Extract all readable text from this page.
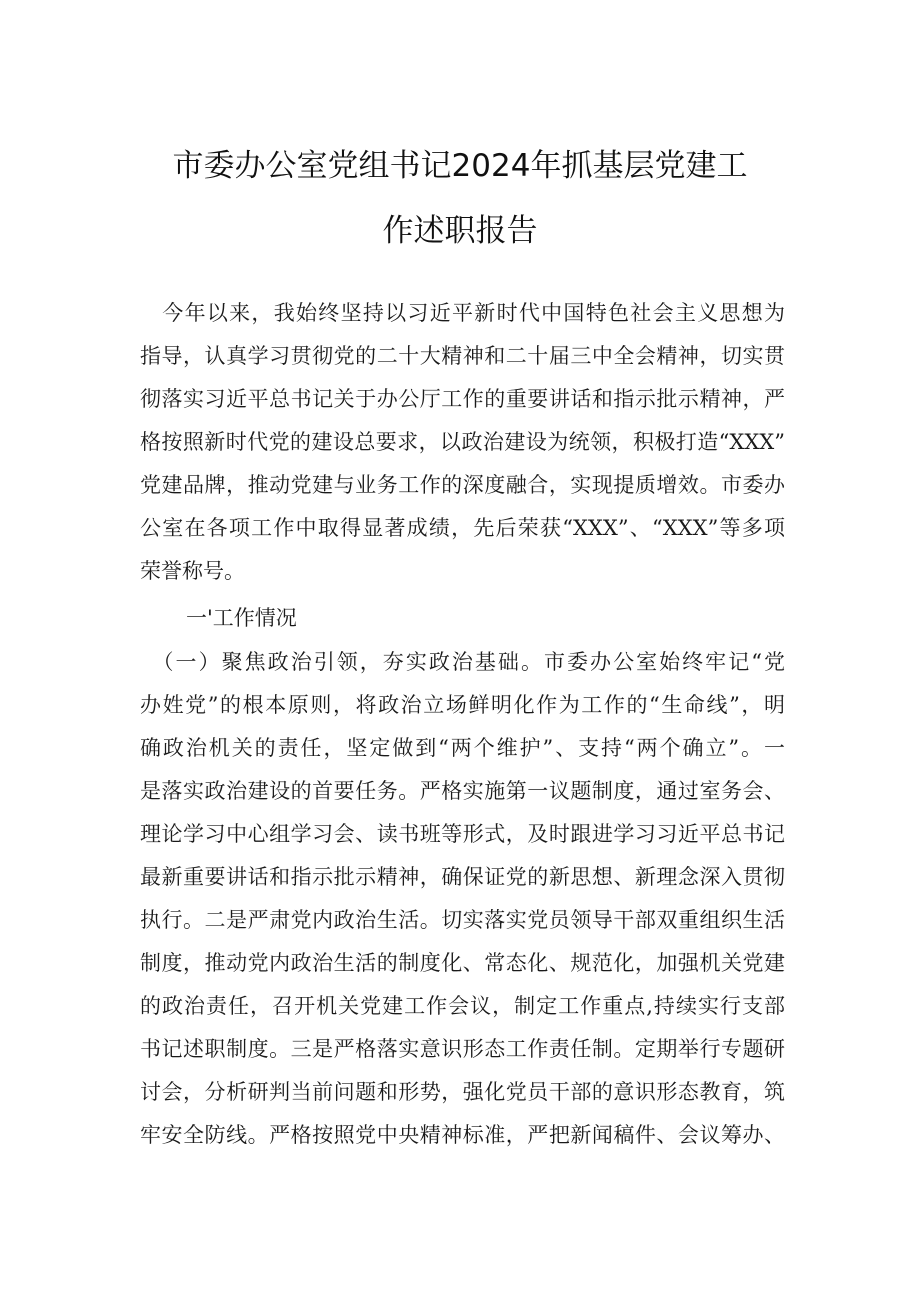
市委办公室党组书记2024年抓基层党建工
作述职报告
　今年以来，我始终坚持以习近平新时代中国特色社会主义思想为
指导，认真学习贯彻党的二十大精神和二十届三中全会精神，切实贯
彻落实习近平总书记关于办公厅工作的重要讲话和指示批示精神，严
格按照新时代党的建设总要求，以政治建设为统领，积极打造“XXX”
党建品牌，推动党建与业务工作的深度融合，实现提质增效。市委办
公室在各项工作中取得显著成绩，先后荣获“XXX”、“XXX”等多项
荣誉称号。
一'工作情况
　（一）聚焦政治引领，夯实政治基础。市委办公室始终牢记“党
办姓党”的根本原则，将政治立场鲜明化作为工作的“生命线”，明
确政治机关的责任，坚定做到“两个维护”、支持“两个确立”。一
是落实政治建设的首要任务。严格实施第一议题制度，通过室务会、
理论学习中心组学习会、读书班等形式，及时跟进学习习近平总书记
最新重要讲话和指示批示精神，确保证党的新思想、新理念深入贯彻
执行。二是严肃党内政治生活。切实落实党员领导干部双重组织生活
制度，推动党内政治生活的制度化、常态化、规范化，加强机关党建
的政治责任，召开机关党建工作会议，制定工作重点,持续实行支部
书记述职制度。三是严格落实意识形态工作责任制。定期举行专题研
讨会，分析研判当前问题和形势，强化党员干部的意识形态教育，筑
牢安全防线。严格按照党中央精神标准，严把新闻稿件、会议筹办、
